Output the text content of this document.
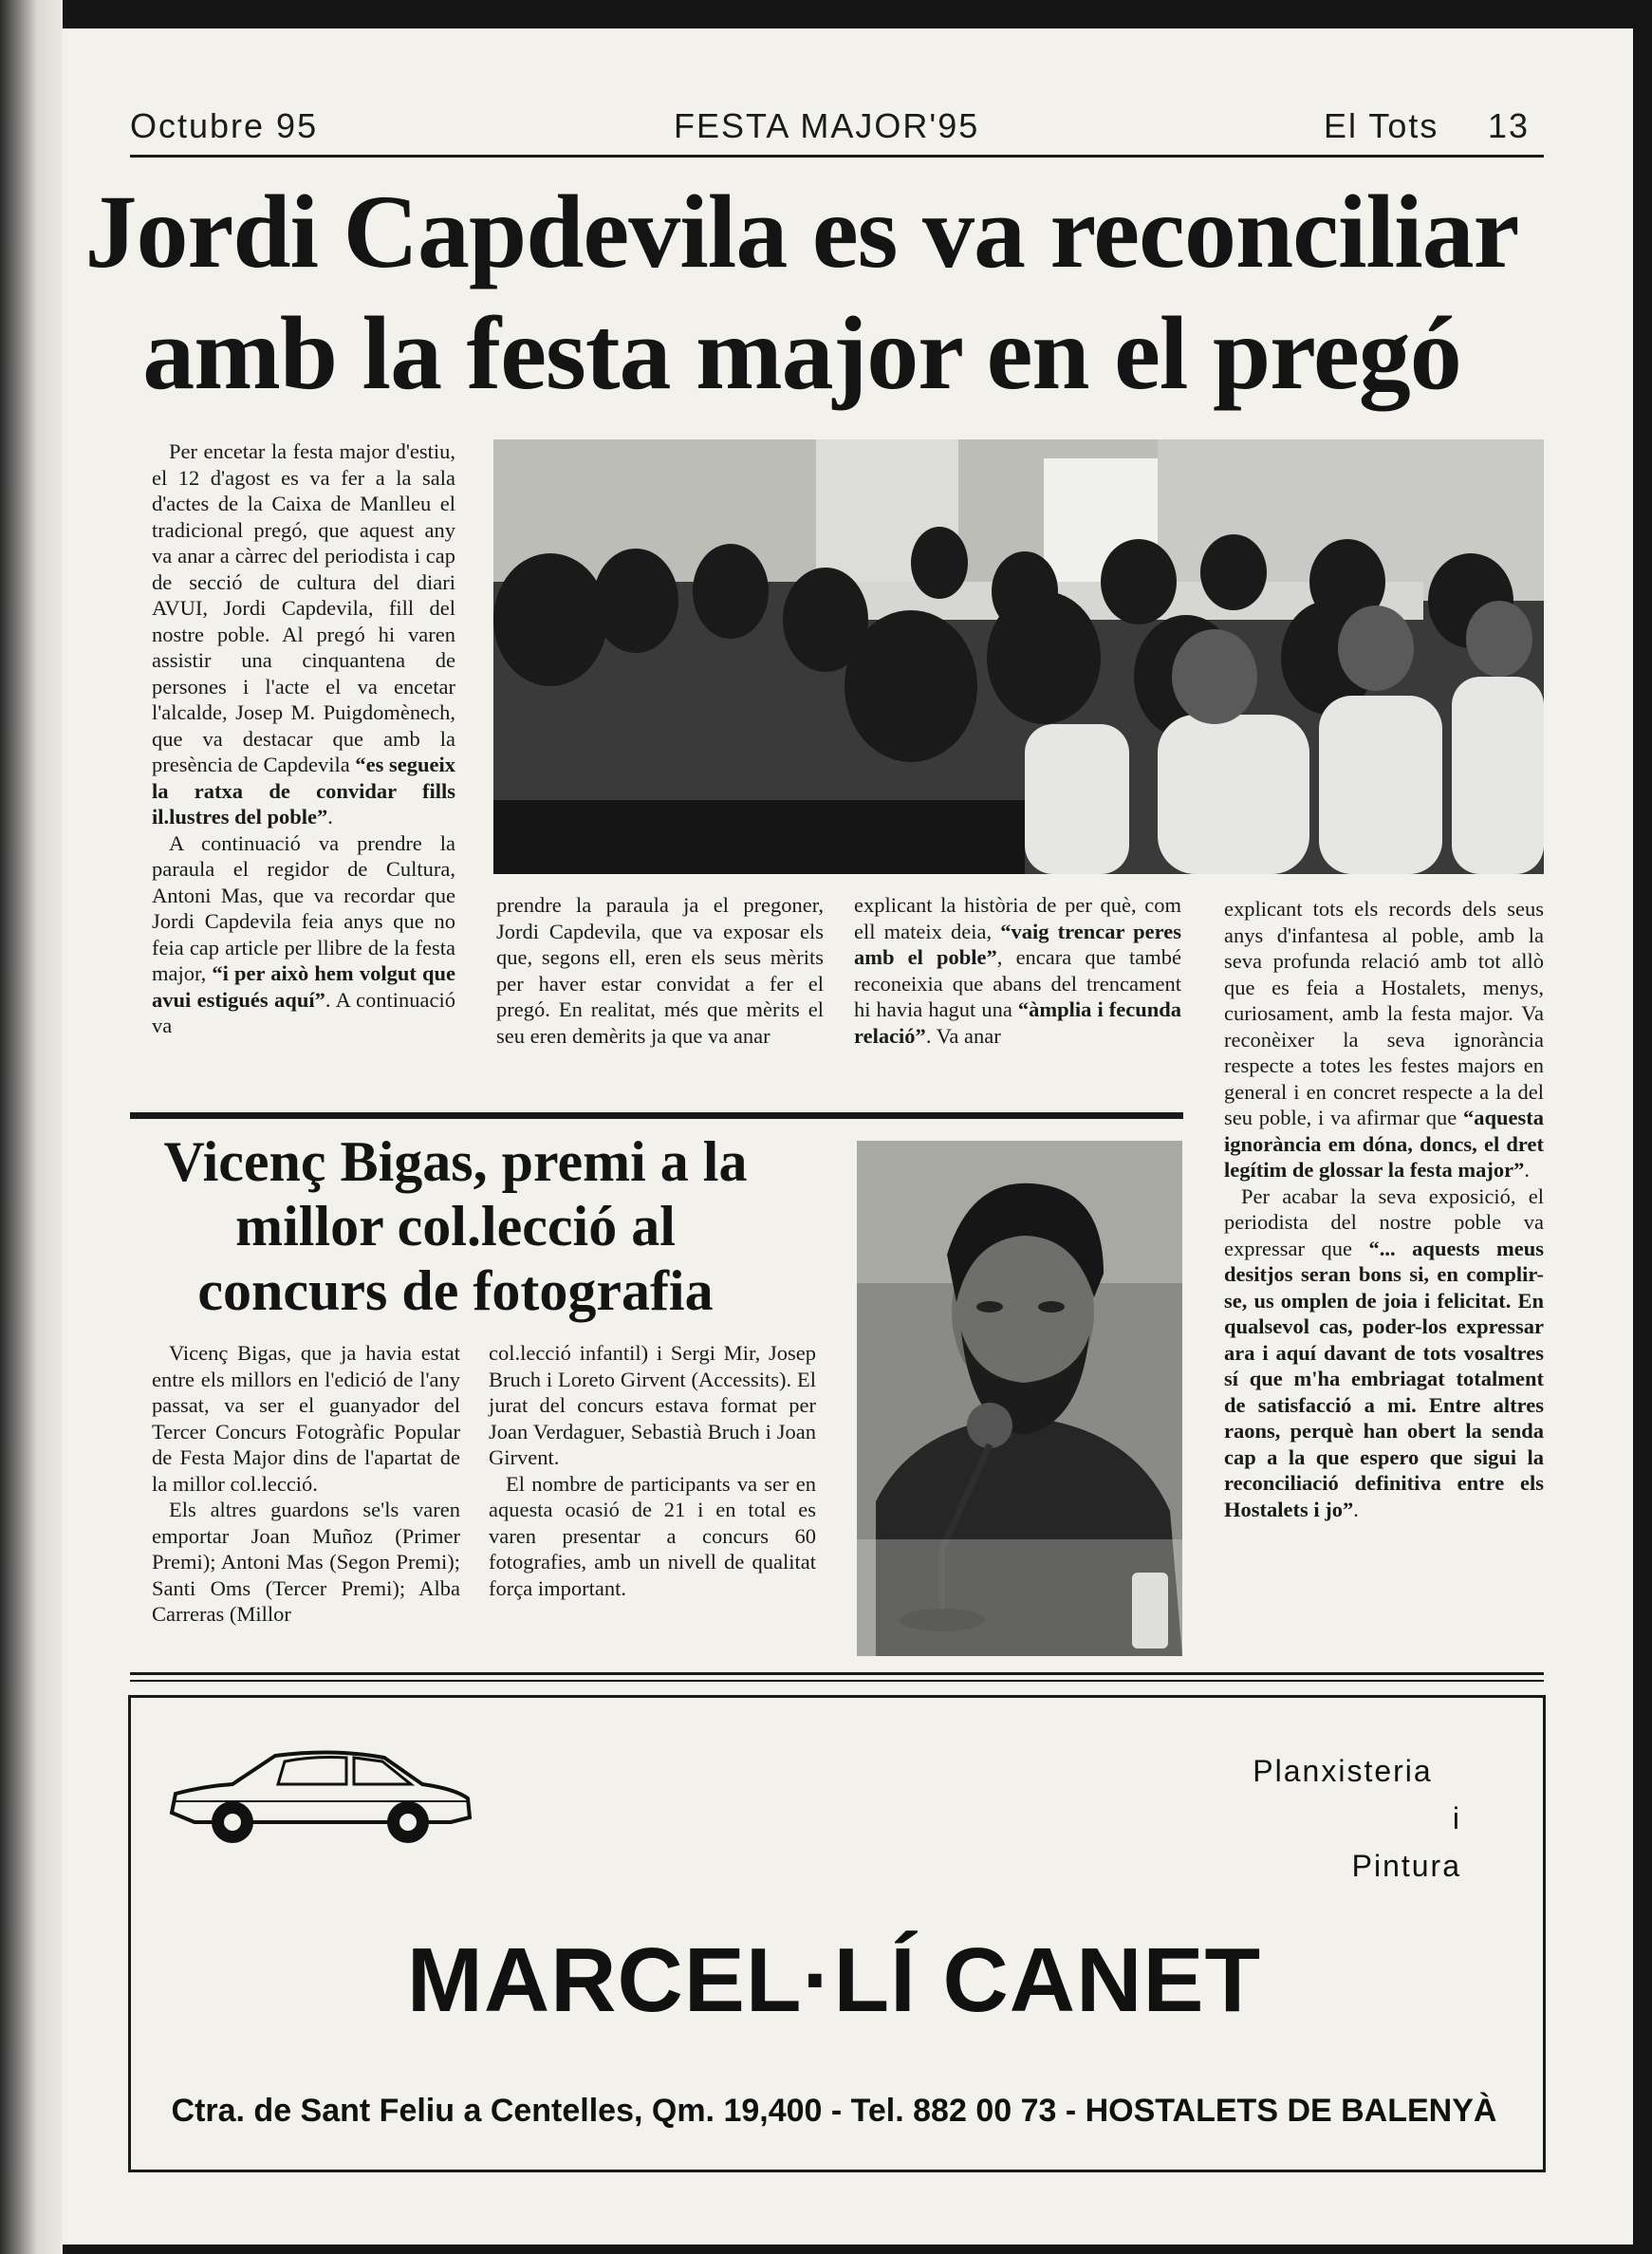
Octubre 95	FESTA MAJOR'95	El Tots 13
Jordi Capdevila es va reconciliar
amb la festa major en el pregó

Per encetar la festa major d'estiu, el 12 d'agost es va fer a la sala d'actes de la Caixa de Manlleu el tradicional pregó, que aquest any va anar a càrrec del periodista i cap de secció de cultura del diari AVUI, Jordi Capdevila, fill del nostre poble. Al pregó hi varen assistir una cinquantena de persones i l'acte el va encetar l'alcalde, Josep M. Puigdomènech, que va destacar que amb la presència de Capdevila “es segueix la ratxa de convidar fills il.lustres del poble”.

A continuació va prendre la paraula el regidor de Cultura, Antoni Mas, que va recordar que Jordi Capdevila feia anys que no feia cap article per llibre de la festa major, “i per això hem volgut que avui estigués aquí”. A continuació va

prendre la paraula ja el pregoner, Jordi Capdevila, que va exposar els que, segons ell, eren els seus mèrits per haver estar convidat a fer el pregó. En realitat, més que mèrits el seu eren demèrits ja que va anar

explicant la història de per què, com ell mateix deia, “vaig trencar peres amb el poble”, encara que també reconeixia que abans del trencament hi havia hagut una “àmplia i fecunda relació”. Va anar

explicant tots els records dels seus anys d'infantesa al poble, amb la seva profunda relació amb tot allò que es feia a Hostalets, menys, curiosament, amb la festa major. Va reconèixer la seva ignorància respecte a totes les festes majors en general i en concret respecte a la del seu poble, i va afirmar que “aquesta ignorància em dóna, doncs, el dret legítim de glossar la festa major”.

Per acabar la seva exposició, el periodista del nostre poble va expressar que “... aquests meus desitjos seran bons si, en complir-se, us omplen de joia i felicitat. En qualsevol cas, poder-los expressar ara i aquí davant de tots vosaltres sí que m'ha embriagat totalment de satisfacció a mi. Entre altres raons, perquè han obert la senda cap a la que espero que sigui la reconciliació definitiva entre els Hostalets i jo”.

Vicenç Bigas, premi a la
millor col.lecció al
concurs de fotografia

Vicenç Bigas, que ja havia estat entre els millors en l'edició de l'any passat, va ser el guanyador del Tercer Concurs Fotogràfic Popular de Festa Major dins de l'apartat de la millor col.lecció.

Els altres guardons se'ls varen emportar Joan Muñoz (Primer Premi); Antoni Mas (Segon Premi); Santi Oms (Tercer Premi); Alba Carreras (Millor

col.lecció infantil) i Sergi Mir, Josep Bruch i Loreto Girvent (Accessits). El jurat del concurs estava format per Joan Verdaguer, Sebastià Bruch i Joan Girvent.

El nombre de participants va ser en aquesta ocasió de 21 i en total es varen presentar a concurs 60 fotografies, amb un nivell de qualitat força important.

Planxisteria
i
Pintura
MARCEL·LÍ CANET
Ctra. de Sant Feliu a Centelles, Qm. 19,400 - Tel. 882 00 73 - HOSTALETS DE BALENYÀ
